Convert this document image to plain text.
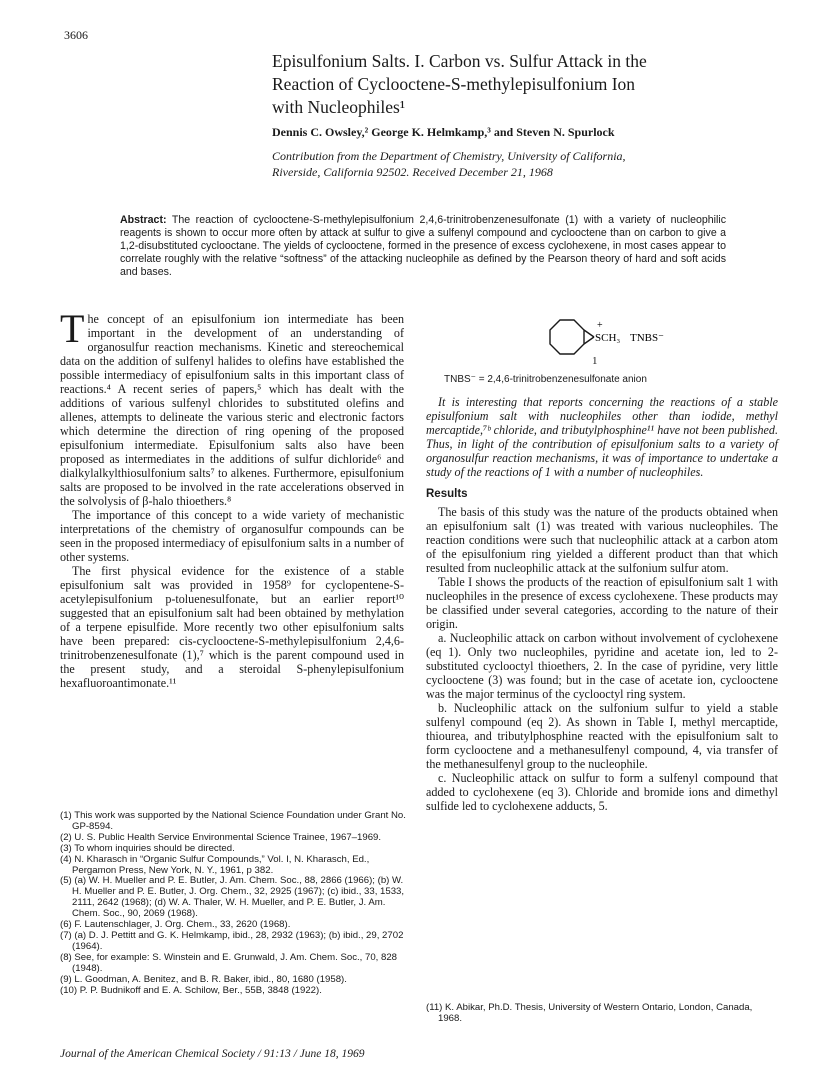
3606
Episulfonium Salts. I. Carbon vs. Sulfur Attack in the
Reaction of Cyclooctene-S-methylepisulfonium Ion
with Nucleophiles¹
Dennis C. Owsley,² George K. Helmkamp,³ and Steven N. Spurlock
Contribution from the Department of Chemistry, University of California,
Riverside, California 92502. Received December 21, 1968
Abstract: The reaction of cyclooctene-S-methylepisulfonium 2,4,6-trinitrobenzenesulfonate (1) with a variety of nucleophilic reagents is shown to occur more often by attack at sulfur to give a sulfenyl compound and cyclooctene than on carbon to give a 1,2-disubstituted cyclooctane. The yields of cyclooctene, formed in the presence of excess cyclohexene, in most cases appear to correlate roughly with the relative “softness” of the attacking nucleophile as defined by the Pearson theory of hard and soft acids and bases.

T he concept of an episulfonium ion intermediate has been important in the development of an understanding of organosulfur reaction mechanisms. Kinetic and stereochemical data on the addition of sulfenyl halides to olefins have established the possible intermediacy of episulfonium salts in this important class of reactions.⁴ A recent series of papers,⁵ which has dealt with the additions of various sulfenyl chlorides to substituted olefins and allenes, attempts to delineate the various steric and electronic factors which determine the direction of ring opening of the proposed episulfonium intermediate. Episulfonium salts also have been proposed as intermediates in the additions of sulfur dichloride⁶ and dialkylalkylthiosulfonium salts⁷ to alkenes. Furthermore, episulfonium salts are proposed to be involved in the rate accelerations observed in the solvolysis of β-halo thioethers.⁸

The importance of this concept to a wide variety of mechanistic interpretations of the chemistry of organosulfur compounds can be seen in the proposed intermediacy of episulfonium salts in a number of other systems.

The first physical evidence for the existence of a stable episulfonium salt was provided in 1958⁹ for cyclopentene-S-acetylepisulfonium p-toluenesulfonate, but an earlier report¹⁰ suggested that an episulfonium salt had been obtained by methylation of a terpene episulfide. More recently two other episulfonium salts have been prepared: cis-cyclooctene-S-methylepisulfonium 2,4,6-trinitrobenzenesulfonate (1),⁷ which is the parent compound used in the present study, and a steroidal S-phenylepisulfonium hexafluoroantimonate.¹¹

(1) This work was supported by the National Science Foundation under Grant No. GP-8594.
(2) U. S. Public Health Service Environmental Science Trainee, 1967–1969.
(3) To whom inquiries should be directed.
(4) N. Kharasch in “Organic Sulfur Compounds,” Vol. I, N. Kharasch, Ed., Pergamon Press, New York, N. Y., 1961, p 382.
(5) (a) W. H. Mueller and P. E. Butler, J. Am. Chem. Soc., 88, 2866 (1966); (b) W. H. Mueller and P. E. Butler, J. Org. Chem., 32, 2925 (1967); (c) ibid., 33, 1533, 2111, 2642 (1968); (d) W. A. Thaler, W. H. Mueller, and P. E. Butler, J. Am. Chem. Soc., 90, 2069 (1968).
(6) F. Lautenschlager, J. Org. Chem., 33, 2620 (1968).
(7) (a) D. J. Pettitt and G. K. Helmkamp, ibid., 28, 2932 (1963); (b) ibid., 29, 2702 (1964).
(8) See, for example: S. Winstein and E. Grunwald, J. Am. Chem. Soc., 70, 828 (1948).
(9) L. Goodman, A. Benitez, and B. R. Baker, ibid., 80, 1680 (1958).
(10) P. P. Budnikoff and E. A. Schilow, Ber., 55B, 3848 (1922).
+
SCH₃ TNBS⁻
1
TNBS⁻ = 2,4,6-trinitrobenzenesulfonate anion

It is interesting that reports concerning the reactions of a stable episulfonium salt with nucleophiles other than iodide, methyl mercaptide,⁷ᵇ chloride, and tributylphosphine¹¹ have not been published. Thus, in light of the contribution of episulfonium salts to a variety of organosulfur reaction mechanisms, it was of importance to undertake a study of the reactions of 1 with a number of nucleophiles.

Results

The basis of this study was the nature of the products obtained when an episulfonium salt (1) was treated with various nucleophiles. The reaction conditions were such that nucleophilic attack at a carbon atom of the episulfonium ring yielded a different product than that which resulted from nucleophilic attack at the sulfonium sulfur atom.

Table I shows the products of the reaction of episulfonium salt 1 with nucleophiles in the presence of excess cyclohexene. These products may be classified under several categories, according to the nature of their origin.

a. Nucleophilic attack on carbon without involvement of cyclohexene (eq 1). Only two nucleophiles, pyridine and acetate ion, led to 2-substituted cyclooctyl thioethers, 2. In the case of pyridine, very little cyclooctene (3) was found; but in the case of acetate ion, cyclooctene was the major terminus of the cyclooctyl ring system.

b. Nucleophilic attack on the sulfonium sulfur to yield a stable sulfenyl compound (eq 2). As shown in Table I, methyl mercaptide, thiourea, and tributylphosphine reacted with the episulfonium salt to form cyclooctene and a methanesulfenyl compound, 4, via transfer of the methanesulfenyl group to the nucleophile.

c. Nucleophilic attack on sulfur to form a sulfenyl compound that added to cyclohexene (eq 3). Chloride and bromide ions and dimethyl sulfide led to cyclohexene adducts, 5.

(11) K. Abikar, Ph.D. Thesis, University of Western Ontario, London, Canada, 1968.
Journal of the American Chemical Society / 91:13 / June 18, 1969
